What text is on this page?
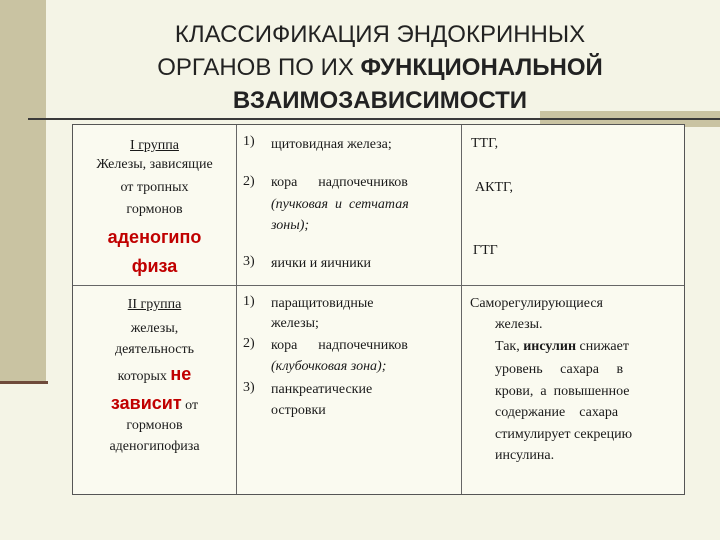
КЛАССИФИКАЦИЯ ЭНДОКРИННЫХ
ОРГАНОВ ПО ИХ ФУНКЦИОНАЛЬНОЙ
ВЗАИМОЗАВИСИМОСТИ
I группа
Железы, зависящие
от тропных
гормонов
аденогипо
физа
1) щитовидная железа;
2) кора      надпочечников
(пучковая  и  сетчатая
зоны);
3) яички и яичники
ТТГ,
АКТГ,
ГТГ
II группа
железы,
деятельность
которых не
зависит от
гормонов
аденогипофиза
1) паращитовидные
железы;
2) кора      надпочечников
(клубочковая зона);
3) панкреатические
островки
Саморегулирующиеся
железы.
Так, инсулин снижает
уровень     сахара     в
крови,  а  повышенное
содержание    сахара
стимулирует секрецию
инсулина.
